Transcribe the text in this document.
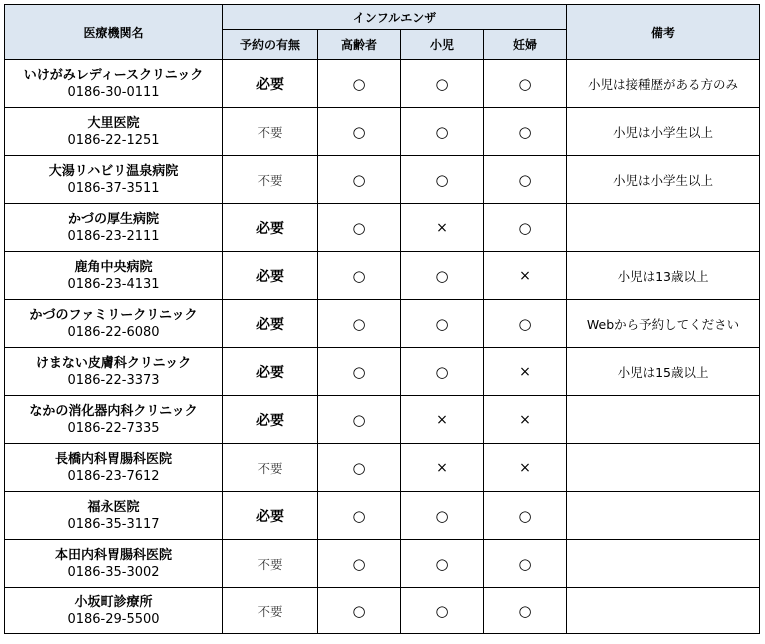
医療機関名	インフルエンザ				備考
	予約の有無	高齢者	小児	妊婦	

いけがみレディースクリニック
0186-30-0111	必要	○	○	○	小児は接種歴がある方のみ

大里医院
0186-22-1251	不要	○	○	○	小児は小学生以上

大湯リハビリ温泉病院
0186-37-3511	不要	○	○	○	小児は小学生以上

かづの厚生病院
0186-23-2111	必要	○	×	○	

鹿角中央病院
0186-23-4131	必要	○	○	×	小児は13歳以上

かづのファミリークリニック
0186-22-6080	必要	○	○	○	Webから予約してください

けまない皮膚科クリニック
0186-22-3373	必要	○	○	×	小児は15歳以上

なかの消化器内科クリニック
0186-22-7335	必要	○	×	×	

長橋内科胃腸科医院
0186-23-7612	不要	○	×	×	

福永医院
0186-35-3117	必要	○	○	○	

本田内科胃腸科医院
0186-35-3002	不要	○	○	○	

小坂町診療所
0186-29-5500	不要	○	○	○	
